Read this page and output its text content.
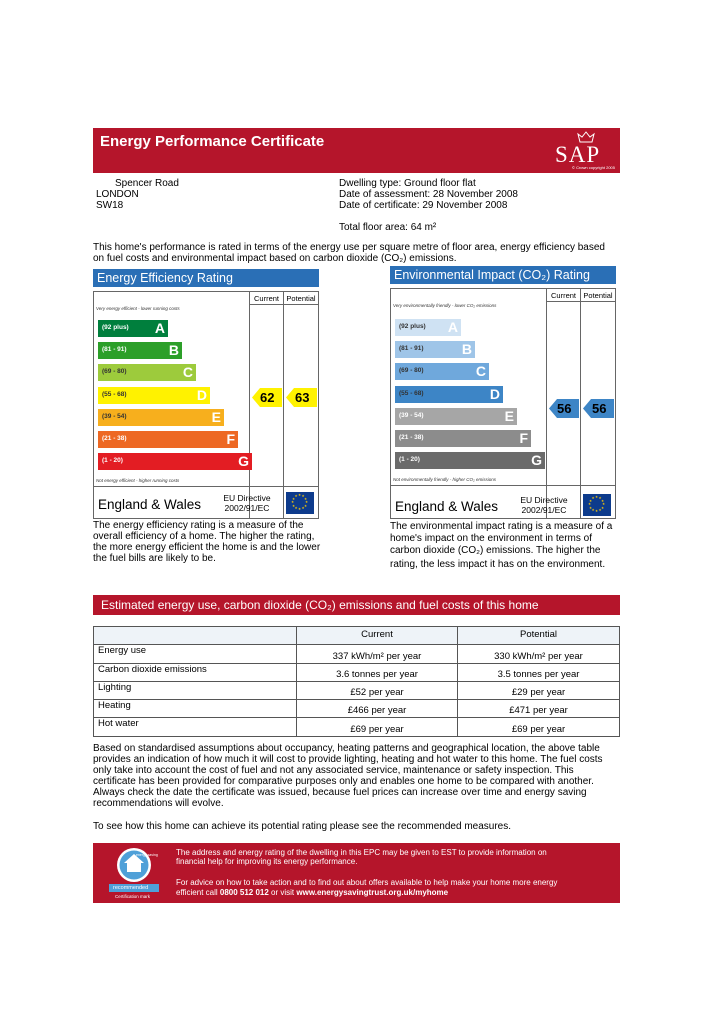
Energy Performance Certificate
SAP
© Crown copyright 2005
Spencer Road
LONDON
SW18
Dwelling type: Ground floor flat
Date of assessment: 28 November 2008
Date of certificate: 29 November 2008
Total floor area: 64 m²
This home's performance is rated in terms of the energy use per square metre of floor area, energy efficiency based
on fuel costs and environmental impact based on carbon dioxide (CO₂) emissions.
Energy Efficiency Rating
Current Potential
Very energy efficient - lower running costs
Not energy efficient - higher running costs
(92 plus) A
(81 - 91)	B
(69 - 80)	C
(55 - 68)	D
(39 - 54)	E
(21 - 38)	F
(1 - 20)	G
62 63
England & Wales	EU Directive
2002/91/EC
★
★
★
★
★
★
★
★
★ ★ ★
★
The energy efficiency rating is a measure of the
overall efficiency of a home. The higher the rating,
the more energy efficient the home is and the lower
the fuel bills are likely to be.
Environmental Impact (CO₂) Rating
Current Potential
Very environmentally friendly - lower CO₂ emissions
Not environmentally friendly - higher CO₂ emissions
(92 plus) A
(81 - 91)	B
(69 - 80)	C
(55 - 68)	D
(39 - 54)	E
(21 - 38)	F
(1 - 20)	G
56 56
England & Wales	EU Directive
2002/91/EC
★
★
★
★
★
★
★
★
★ ★ ★
★
The environmental impact rating is a measure of a
home's impact on the environment in terms of
carbon dioxide (CO₂) emissions. The higher the
rating, the less impact it has on the environment.
Estimated energy use, carbon dioxide (CO₂) emissions and fuel costs of this home
	Current	Potential
Energy use	337 kWh/m² per year	330 kWh/m² per year
Carbon dioxide emissions	3.6 tonnes per year	3.5 tonnes per year
Lighting	£52 per year	£29 per year
Heating	£466 per year	£471 per year
Hot water	£69 per year	£69 per year
Based on standardised assumptions about occupancy, heating patterns and geographical location, the above table
provides an indication of how much it will cost to provide lighting, heating and hot water to this home. The fuel costs
only take into account the cost of fuel and not any associated service, maintenance or safety inspection. This
certificate has been provided for comparative purposes only and enables one home to be compared with another.
Always check the date the certificate was issued, because fuel prices can increase over time and energy saving
recommendations will evolve.
To see how this home can achieve its potential rating please see the recommended measures.
energy saving
recommended
Certification mark
The address and energy rating of the dwelling in this EPC may be given to EST to provide information on
financial help for improving its energy performance.
For advice on how to take action and to find out about offers available to help make your home more energy
efficient call 0800 512 012 or visit www.energysavingtrust.org.uk/myhome
